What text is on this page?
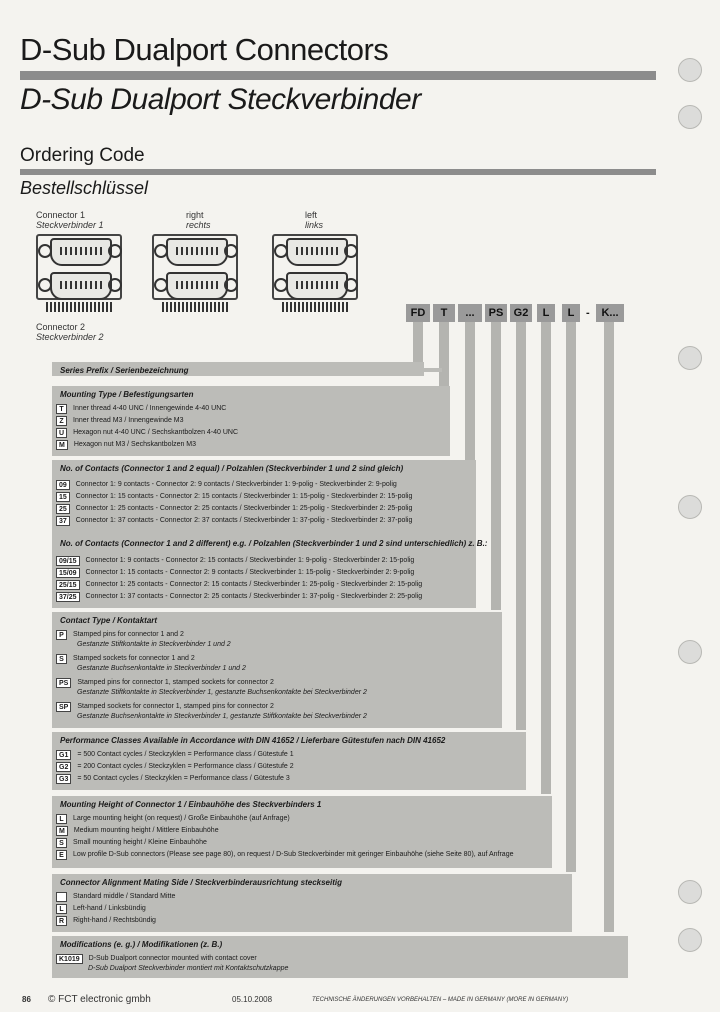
D-Sub Dualport Connectors
D-Sub Dualport Steckverbinder
Ordering Code
Bestellschlüssel
Connector 1
Steckverbinder 1
right
rechts
left
links
Connector 2
Steckverbinder 2
FD	T	...	PS G2	L	L	-	K...
Series Prefix / Serienbezeichnung
Mounting Type / Befestigungsarten
T Inner thread 4-40 UNC / Innengewinde 4-40 UNC
Z Inner thread M3 / Innengewinde M3
U Hexagon nut 4-40 UNC / Sechskantbolzen 4-40 UNC
M Hexagon nut M3 / Sechskantbolzen M3
No. of Contacts (Connector 1 and 2 equal) / Polzahlen (Steckverbinder 1 und 2 sind gleich)
09 Connector 1: 9 contacts - Connector 2: 9 contacts / Steckverbinder 1: 9-polig - Steckverbinder 2: 9-polig
15 Connector 1: 15 contacts - Connector 2: 15 contacts / Steckverbinder 1: 15-polig - Steckverbinder 2: 15-polig
25 Connector 1: 25 contacts - Connector 2: 25 contacts / Steckverbinder 1: 25-polig - Steckverbinder 2: 25-polig
37 Connector 1: 37 contacts - Connector 2: 37 contacts / Steckverbinder 1: 37-polig - Steckverbinder 2: 37-polig
No. of Contacts (Connector 1 and 2 different) e.g. / Polzahlen (Steckverbinder 1 und 2 sind unterschiedlich) z. B.:
09/15 Connector 1: 9 contacts - Connector 2: 15 contacts / Steckverbinder 1: 9-polig - Steckverbinder 2: 15-polig
15/09 Connector 1: 15 contacts - Connector 2: 9 contacts / Steckverbinder 1: 15-polig - Steckverbinder 2: 9-polig
25/15 Connector 1: 25 contacts - Connector 2: 15 contacts / Steckverbinder 1: 25-polig - Steckverbinder 2: 15-polig
37/25 Connector 1: 37 contacts - Connector 2: 25 contacts / Steckverbinder 1: 37-polig - Steckverbinder 2: 25-polig
Contact Type / Kontaktart
P Stamped pins for connector 1 and 2
Gestanzte Stiftkontakte in Steckverbinder 1 und 2
S Stamped sockets for connector 1 and 2
Gestanzte Buchsenkontakte in Steckverbinder 1 und 2
PS Stamped pins for connector 1, stamped sockets for connector 2
Gestanzte Stiftkontakte in Steckverbinder 1, gestanzte Buchsenkontakte bei Steckverbinder 2
SP Stamped sockets for connector 1, stamped pins for connector 2
Gestanzte Buchsenkontakte in Steckverbinder 1, gestanzte Stiftkontakte bei Steckverbinder 2
Performance Classes Available in Accordance with DIN 41652 / Lieferbare Gütestufen nach DIN 41652
G1 = 500 Contact cycles / Steckzyklen = Performance class / Gütestufe 1
G2 = 200 Contact cycles / Steckzyklen = Performance class / Gütestufe 2
G3 = 50 Contact cycles / Steckzyklen = Performance class / Gütestufe 3
Mounting Height of Connector 1 / Einbauhöhe des Steckverbinders 1
L Large mounting height (on request) / Große Einbauhöhe (auf Anfrage)
M Medium mounting height / Mittlere Einbauhöhe
S Small mounting height / Kleine Einbauhöhe
E Low profile D-Sub connectors (Please see page 80), on request / D-Sub Steckverbinder mit geringer Einbauhöhe (siehe Seite 80), auf Anfrage
Connector Alignment Mating Side / Steckverbinderausrichtung steckseitig
Standard middle / Standard Mitte
L Left-hand / Linksbündig
R Right-hand / Rechtsbündig
Modifications (e. g.) / Modifikationen (z. B.)
K1019 D-Sub Dualport connector mounted with contact cover
D-Sub Dualport Steckverbinder montiert mit Kontaktschutzkappe
86 © FCT electronic gmbh	05.10.2008	TECHNISCHE ÄNDERUNGEN VORBEHALTEN – MADE IN GERMANY (MORE IN GERMANY)
